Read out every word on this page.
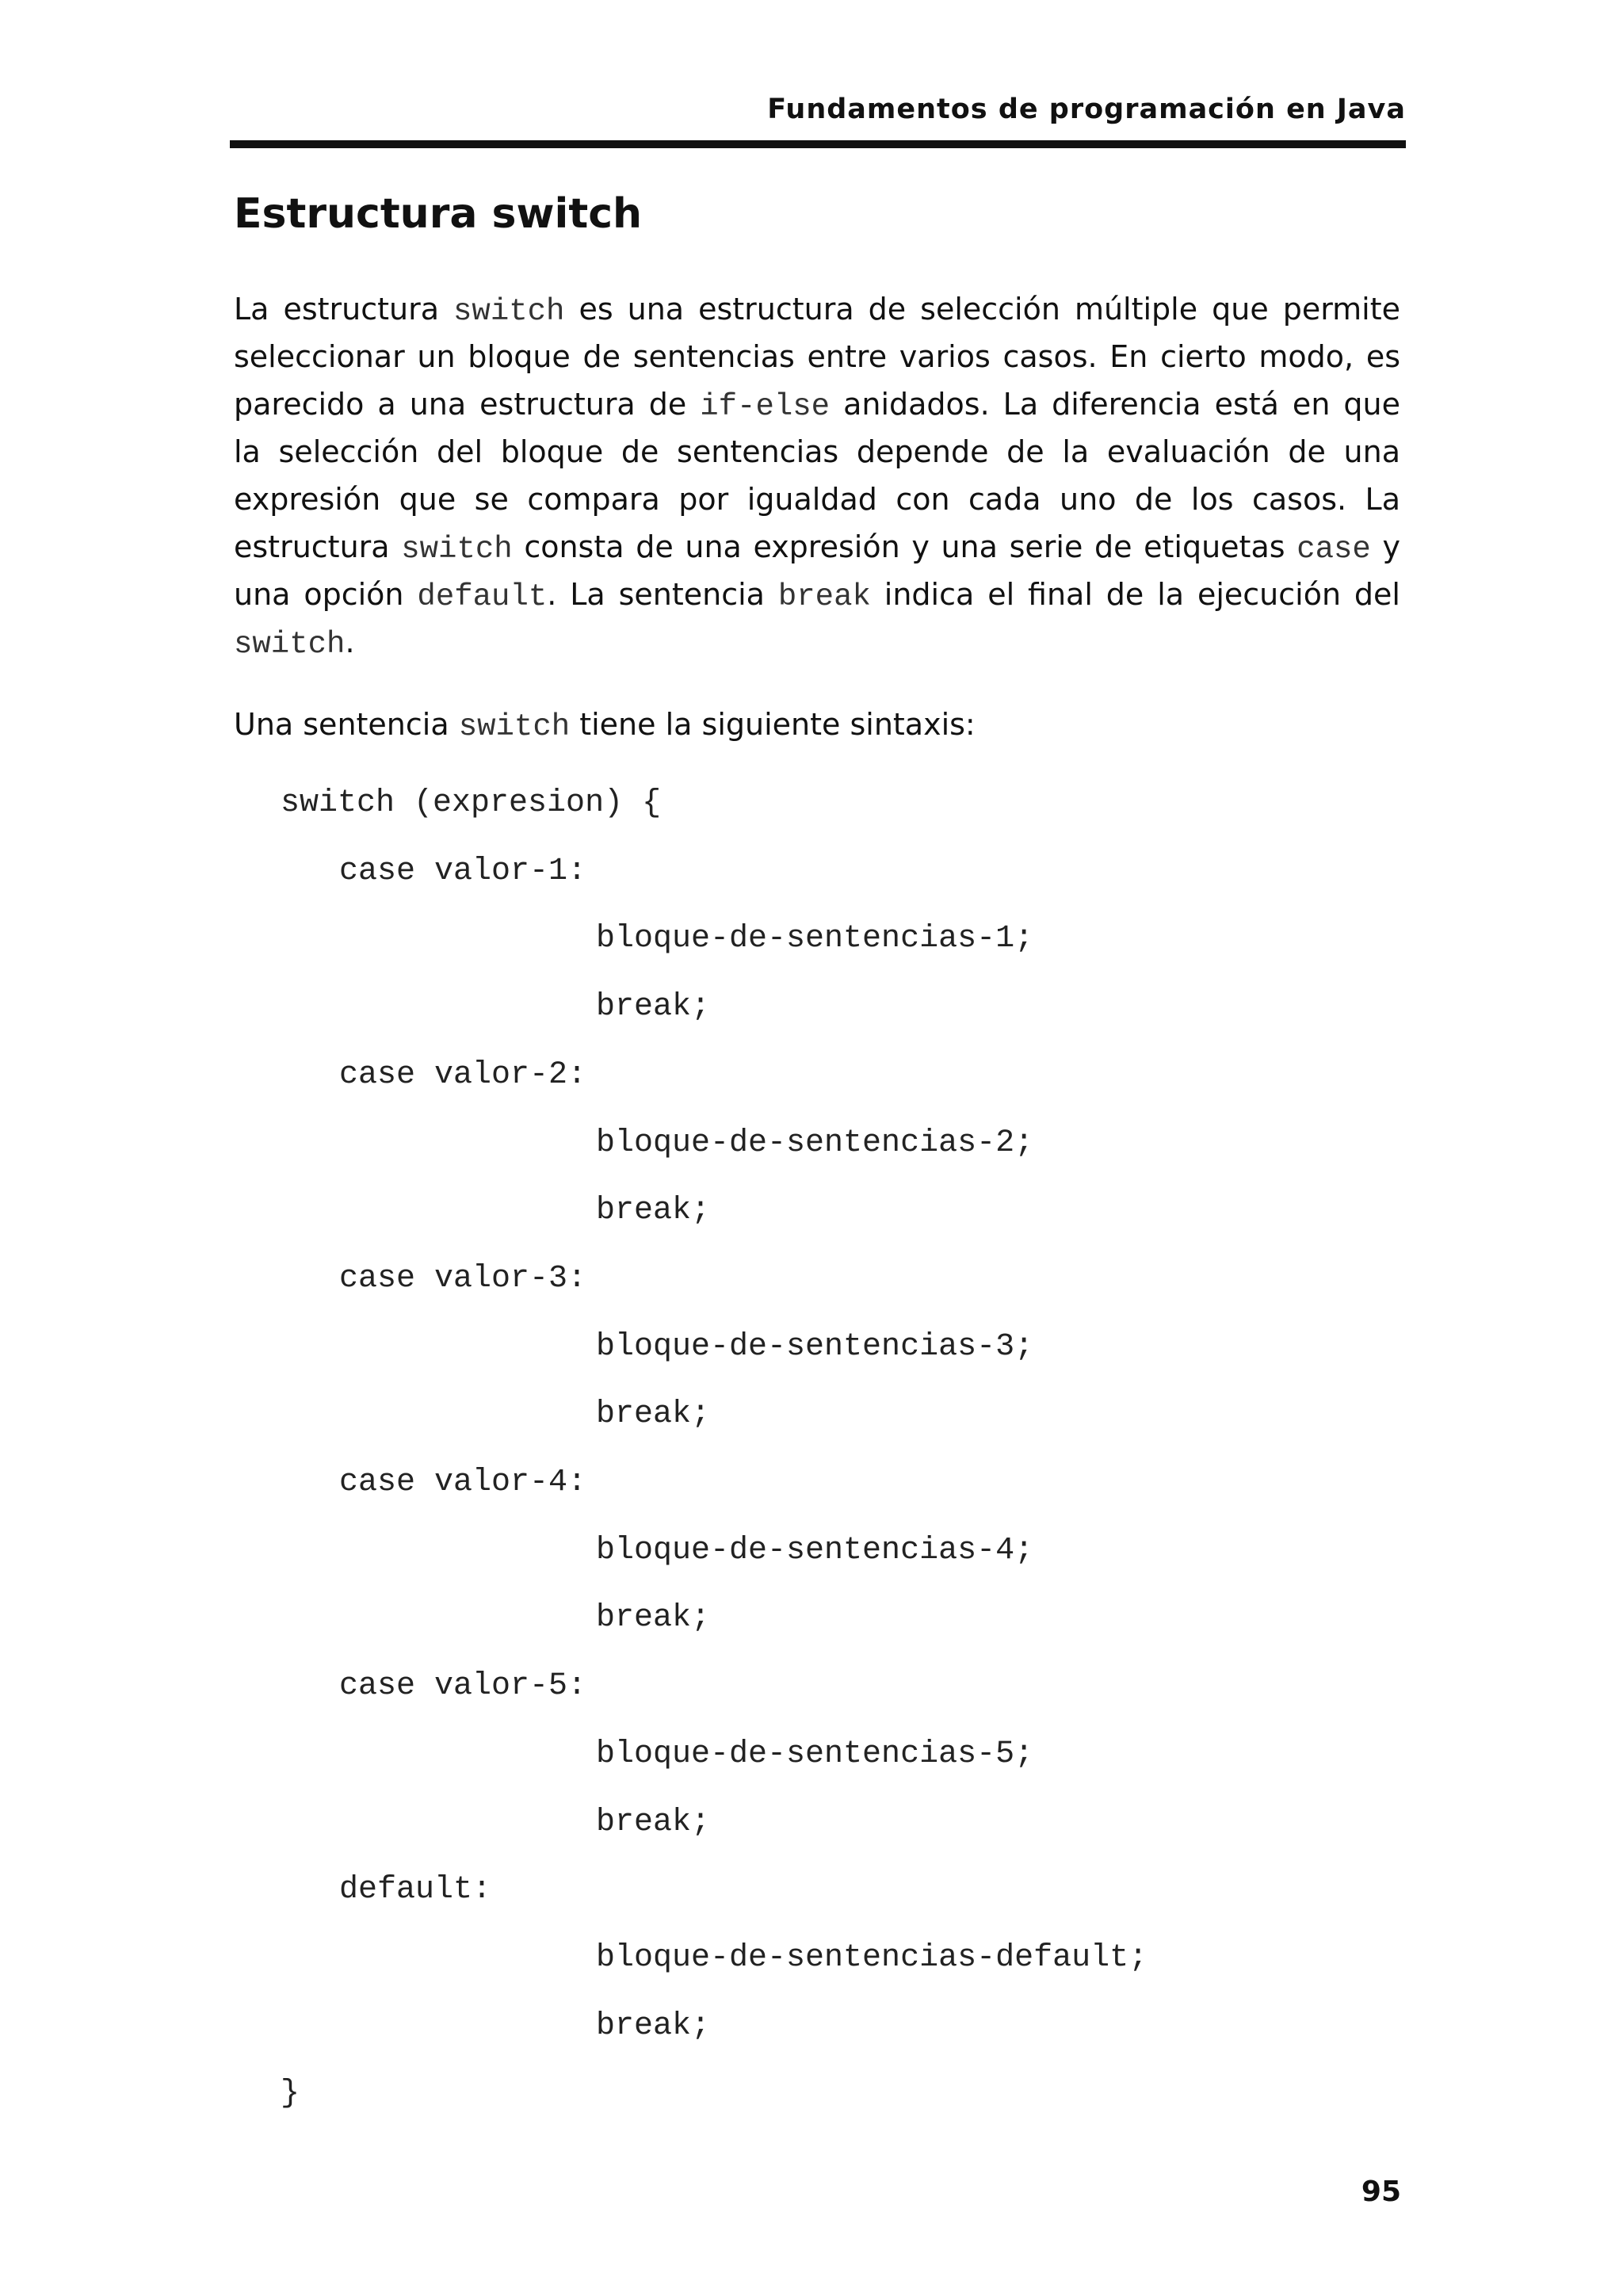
Fundamentos de programación en Java
Estructura switch

La estructura switch es una estructura de selección múltiple que permite
seleccionar un bloque de sentencias entre varios casos. En cierto modo, es
parecido a una estructura de if-else anidados. La diferencia está en que
la selección del bloque de sentencias depende de la evaluación de una
expresión que se compara por igualdad con cada uno de los casos. La
estructura switch consta de una expresión y una serie de etiquetas case y
una opción default. La sentencia break indica el final de la ejecución del
switch.

Una sentencia switch tiene la siguiente sintaxis:

switch (expresion) {
case valor-1:
bloque-de-sentencias-1;
break;
case valor-2:
bloque-de-sentencias-2;
break;
case valor-3:
bloque-de-sentencias-3;
break;
case valor-4:
bloque-de-sentencias-4;
break;
case valor-5:
bloque-de-sentencias-5;
break;
default:
bloque-de-sentencias-default;
break;
}
95
